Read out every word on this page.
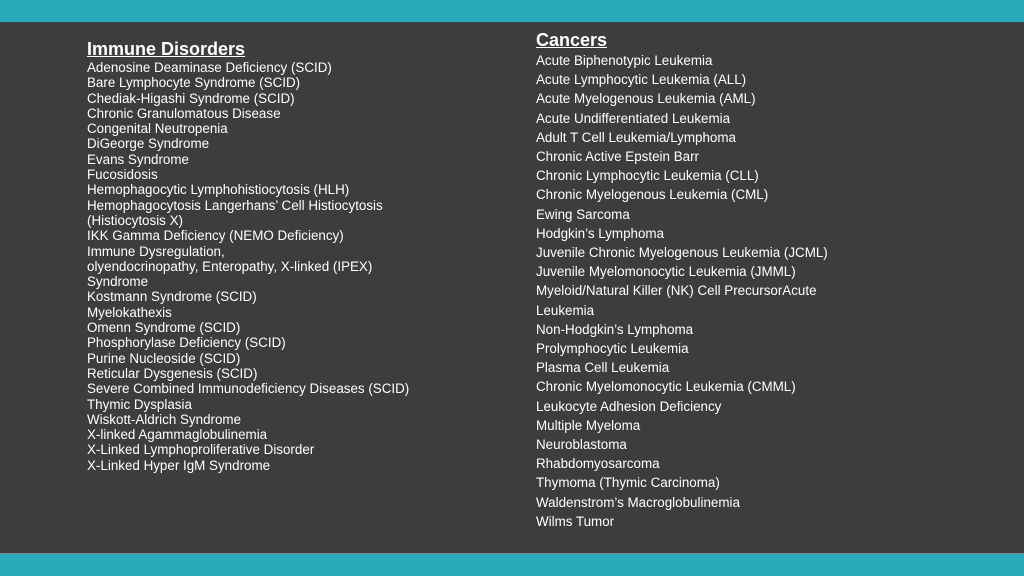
Immune Disorders
Adenosine Deaminase Deficiency (SCID)
Bare Lymphocyte Syndrome (SCID)
Chediak-Higashi Syndrome (SCID)
Chronic Granulomatous Disease
Congenital Neutropenia
DiGeorge Syndrome
Evans Syndrome
Fucosidosis
Hemophagocytic Lymphohistiocytosis (HLH)
Hemophagocytosis Langerhans’ Cell Histiocytosis
(Histiocytosis X)
IKK Gamma Deficiency (NEMO Deficiency)
Immune Dysregulation,
olyendocrinopathy, Enteropathy, X-linked (IPEX)
Syndrome
Kostmann Syndrome (SCID)
Myelokathexis
Omenn Syndrome (SCID)
Phosphorylase Deficiency (SCID)
Purine Nucleoside (SCID)
Reticular Dysgenesis (SCID)
Severe Combined Immunodeficiency Diseases (SCID)
Thymic Dysplasia
Wiskott-Aldrich Syndrome
X-linked Agammaglobulinemia
X-Linked Lymphoproliferative Disorder
X-Linked Hyper IgM Syndrome
Cancers
Acute Biphenotypic Leukemia
Acute Lymphocytic Leukemia (ALL)
Acute Myelogenous Leukemia (AML)
Acute Undifferentiated Leukemia
Adult T Cell Leukemia/Lymphoma
Chronic Active Epstein Barr
Chronic Lymphocytic Leukemia (CLL)
Chronic Myelogenous Leukemia (CML)
Ewing Sarcoma
Hodgkin’s Lymphoma
Juvenile Chronic Myelogenous Leukemia (JCML)
Juvenile Myelomonocytic Leukemia (JMML)
Myeloid/Natural Killer (NK) Cell PrecursorAcute
Leukemia
Non-Hodgkin’s Lymphoma
Prolymphocytic Leukemia
Plasma Cell Leukemia
Chronic Myelomonocytic Leukemia (CMML)
Leukocyte Adhesion Deficiency
Multiple Myeloma
Neuroblastoma
Rhabdomyosarcoma
Thymoma (Thymic Carcinoma)
Waldenstrom’s Macroglobulinemia
Wilms Tumor
